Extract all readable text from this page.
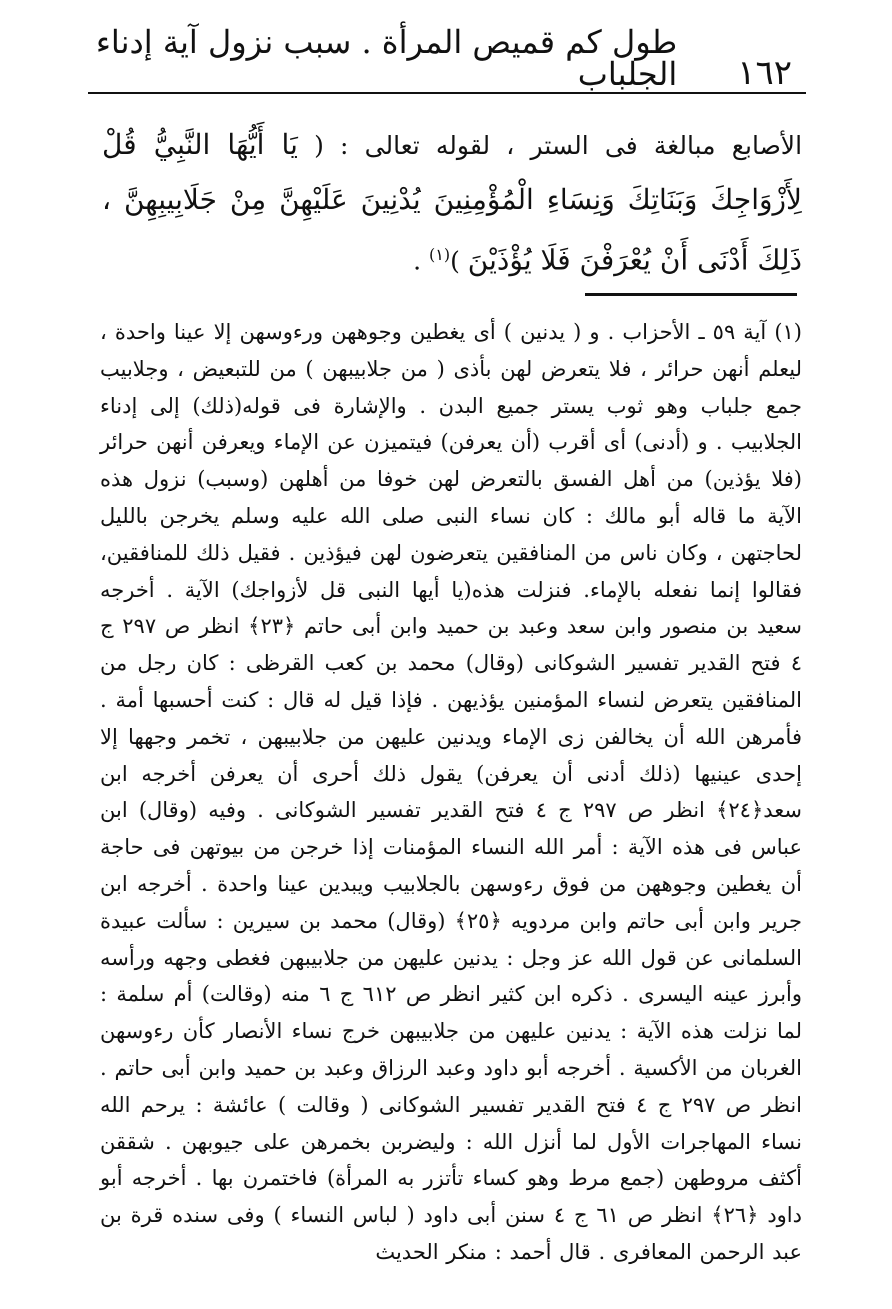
١٦٢
طول كم قميص المرأة . سبب نزول آية إدناء الجلباب
الأصابع مبالغة فى الستر ، لقوله تعالى : ( يَا أَيُّهَا النَّبِيُّ قُلْ لِأَزْوَاجِكَ وَبَنَاتِكَ وَنِسَاءِ الْمُؤْمِنِينَ يُدْنِينَ عَلَيْهِنَّ مِنْ جَلَابِيبِهِنَّ ، ذَلِكَ أَدْنَى أَنْ يُعْرَفْنَ فَلَا يُؤْذَيْنَ )$^{(١)}$ .
(١) آية ٥٩ ـ الأحزاب . و ( يدنين ) أى يغطين وجوههن ورءوسهن إلا عينا واحدة ، ليعلم أنهن حرائر ، فلا يتعرض لهن بأذى ( من جلابيبهن ) من للتبعيض ، وجلابيب جمع جلباب وهو ثوب يستر جميع البدن . والإشارة فى قوله(ذلك) إلى إدناء الجلابيب . و (أدنى) أى أقرب (أن يعرفن) فيتميزن عن الإماء ويعرفن أنهن حرائر (فلا يؤذين) من أهل الفسق بالتعرض لهن خوفا من أهلهن (وسبب) نزول هذه الآية ما قاله أبو مالك : كان نساء النبى صلى الله عليه وسلم يخرجن بالليل لحاجتهن ، وكان ناس من المنافقين يتعرضون لهن فيؤذين . فقيل ذلك للمنافقين، فقالوا إنما نفعله بالإماء. فنزلت هذه(يا أيها النبى قل لأزواجك) الآية . أخرجه سعيد بن منصور وابن سعد وعبد بن حميد وابن أبى حاتم ﴿٢٣﴾ انظر ص ٢٩٧ ج ٤ فتح القدير تفسير الشوكانى (وقال) محمد بن كعب القرظى : كان رجل من المنافقين يتعرض لنساء المؤمنين يؤذيهن . فإذا قيل له قال : كنت أحسبها أمة . فأمرهن الله أن يخالفن زى الإماء ويدنين عليهن من جلابيبهن ، تخمر وجهها إلا إحدى عينيها (ذلك أدنى أن يعرفن) يقول ذلك أحرى أن يعرفن أخرجه ابن سعد﴿٢٤﴾ انظر ص ٢٩٧ ج ٤ فتح القدير تفسير الشوكانى . وفيه (وقال) ابن عباس فى هذه الآية : أمر الله النساء المؤمنات إذا خرجن من بيوتهن فى حاجة أن يغطين وجوههن من فوق رءوسهن بالجلابيب ويبدين عينا واحدة . أخرجه ابن جرير وابن أبى حاتم وابن مردويه ﴿٢٥﴾ (وقال) محمد بن سيرين : سألت عبيدة السلمانى عن قول الله عز وجل : يدنين عليهن من جلابيبهن فغطى وجهه ورأسه وأبرز عينه اليسرى . ذكره ابن كثير انظر ص ٦١٢ ج ٦ منه (وقالت) أم سلمة : لما نزلت هذه الآية : يدنين عليهن من جلابيبهن خرج نساء الأنصار كأن رءوسهن الغربان من الأكسية . أخرجه أبو داود وعبد الرزاق وعبد بن حميد وابن أبى حاتم . انظر ص ٢٩٧ ج ٤ فتح القدير تفسير الشوكانى ( وقالت ) عائشة : يرحم الله نساء المهاجرات الأول لما أنزل الله : وليضربن بخمرهن على جيوبهن . شققن أكثف مروطهن (جمع مرط وهو كساء تأتزر به المرأة) فاختمرن بها . أخرجه أبو داود ﴿٢٦﴾ انظر ص ٦١ ج ٤ سنن أبى داود ( لباس النساء ) وفى سنده قرة بن عبد الرحمن المعافرى . قال أحمد : منكر الحديث
